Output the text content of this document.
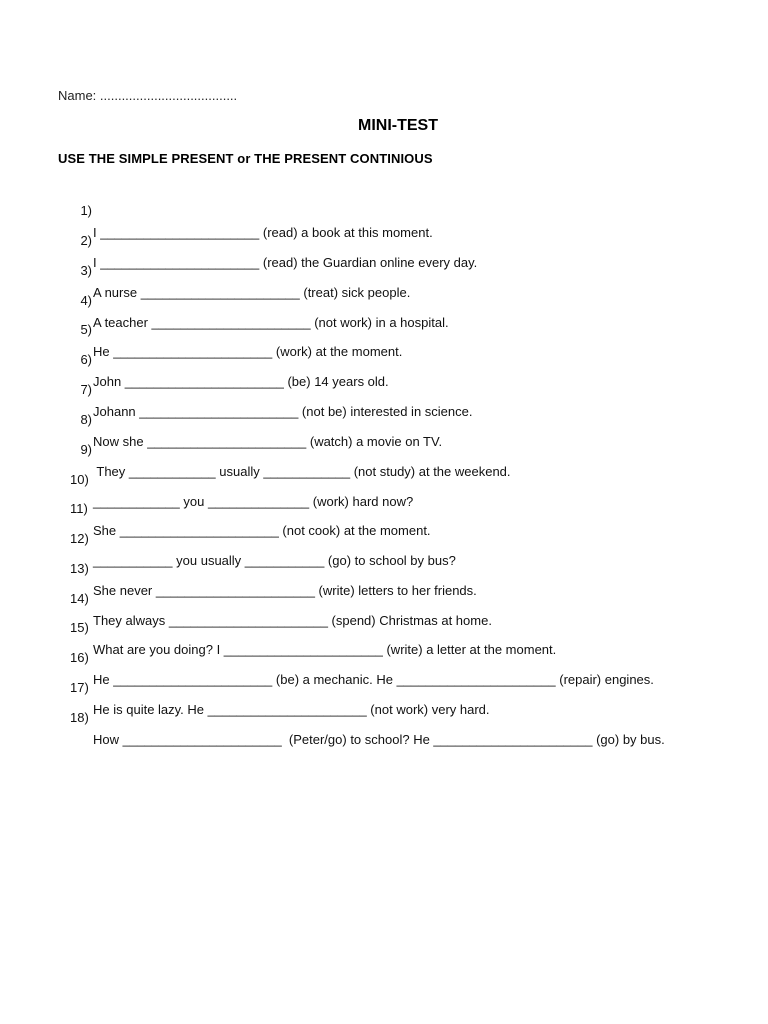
Name: ......................................
MINI-TEST
USE THE SIMPLE PRESENT or THE PRESENT CONTINIOUS

1)

I ______________________ (read) a book at this moment.

2)

I ______________________ (read) the Guardian online every day.

3)

A nurse ______________________ (treat) sick people.

4)

A teacher ______________________ (not work) in a hospital.

5)

He ______________________ (work) at the moment.

6)

John ______________________ (be) 14 years old.

7)

Johann ______________________ (not be) interested in science.

8)

Now she ______________________ (watch) a movie on TV.

9)

They ____________ usually ____________ (not study) at the weekend.

10)

____________ you ______________ (work) hard now?

11)

She ______________________ (not cook) at the moment.

12)

___________ you usually ___________ (go) to school by bus?

13)

She never ______________________ (write) letters to her friends.

14)

They always ______________________ (spend) Christmas at home.

15)

What are you doing? I ______________________ (write) a letter at the moment.

16)

He ______________________ (be) a mechanic. He ______________________ (repair) engines.

17)

He is quite lazy. He ______________________ (not work) very hard.

18)

How ______________________  (Peter/go) to school? He ______________________ (go) by bus.
